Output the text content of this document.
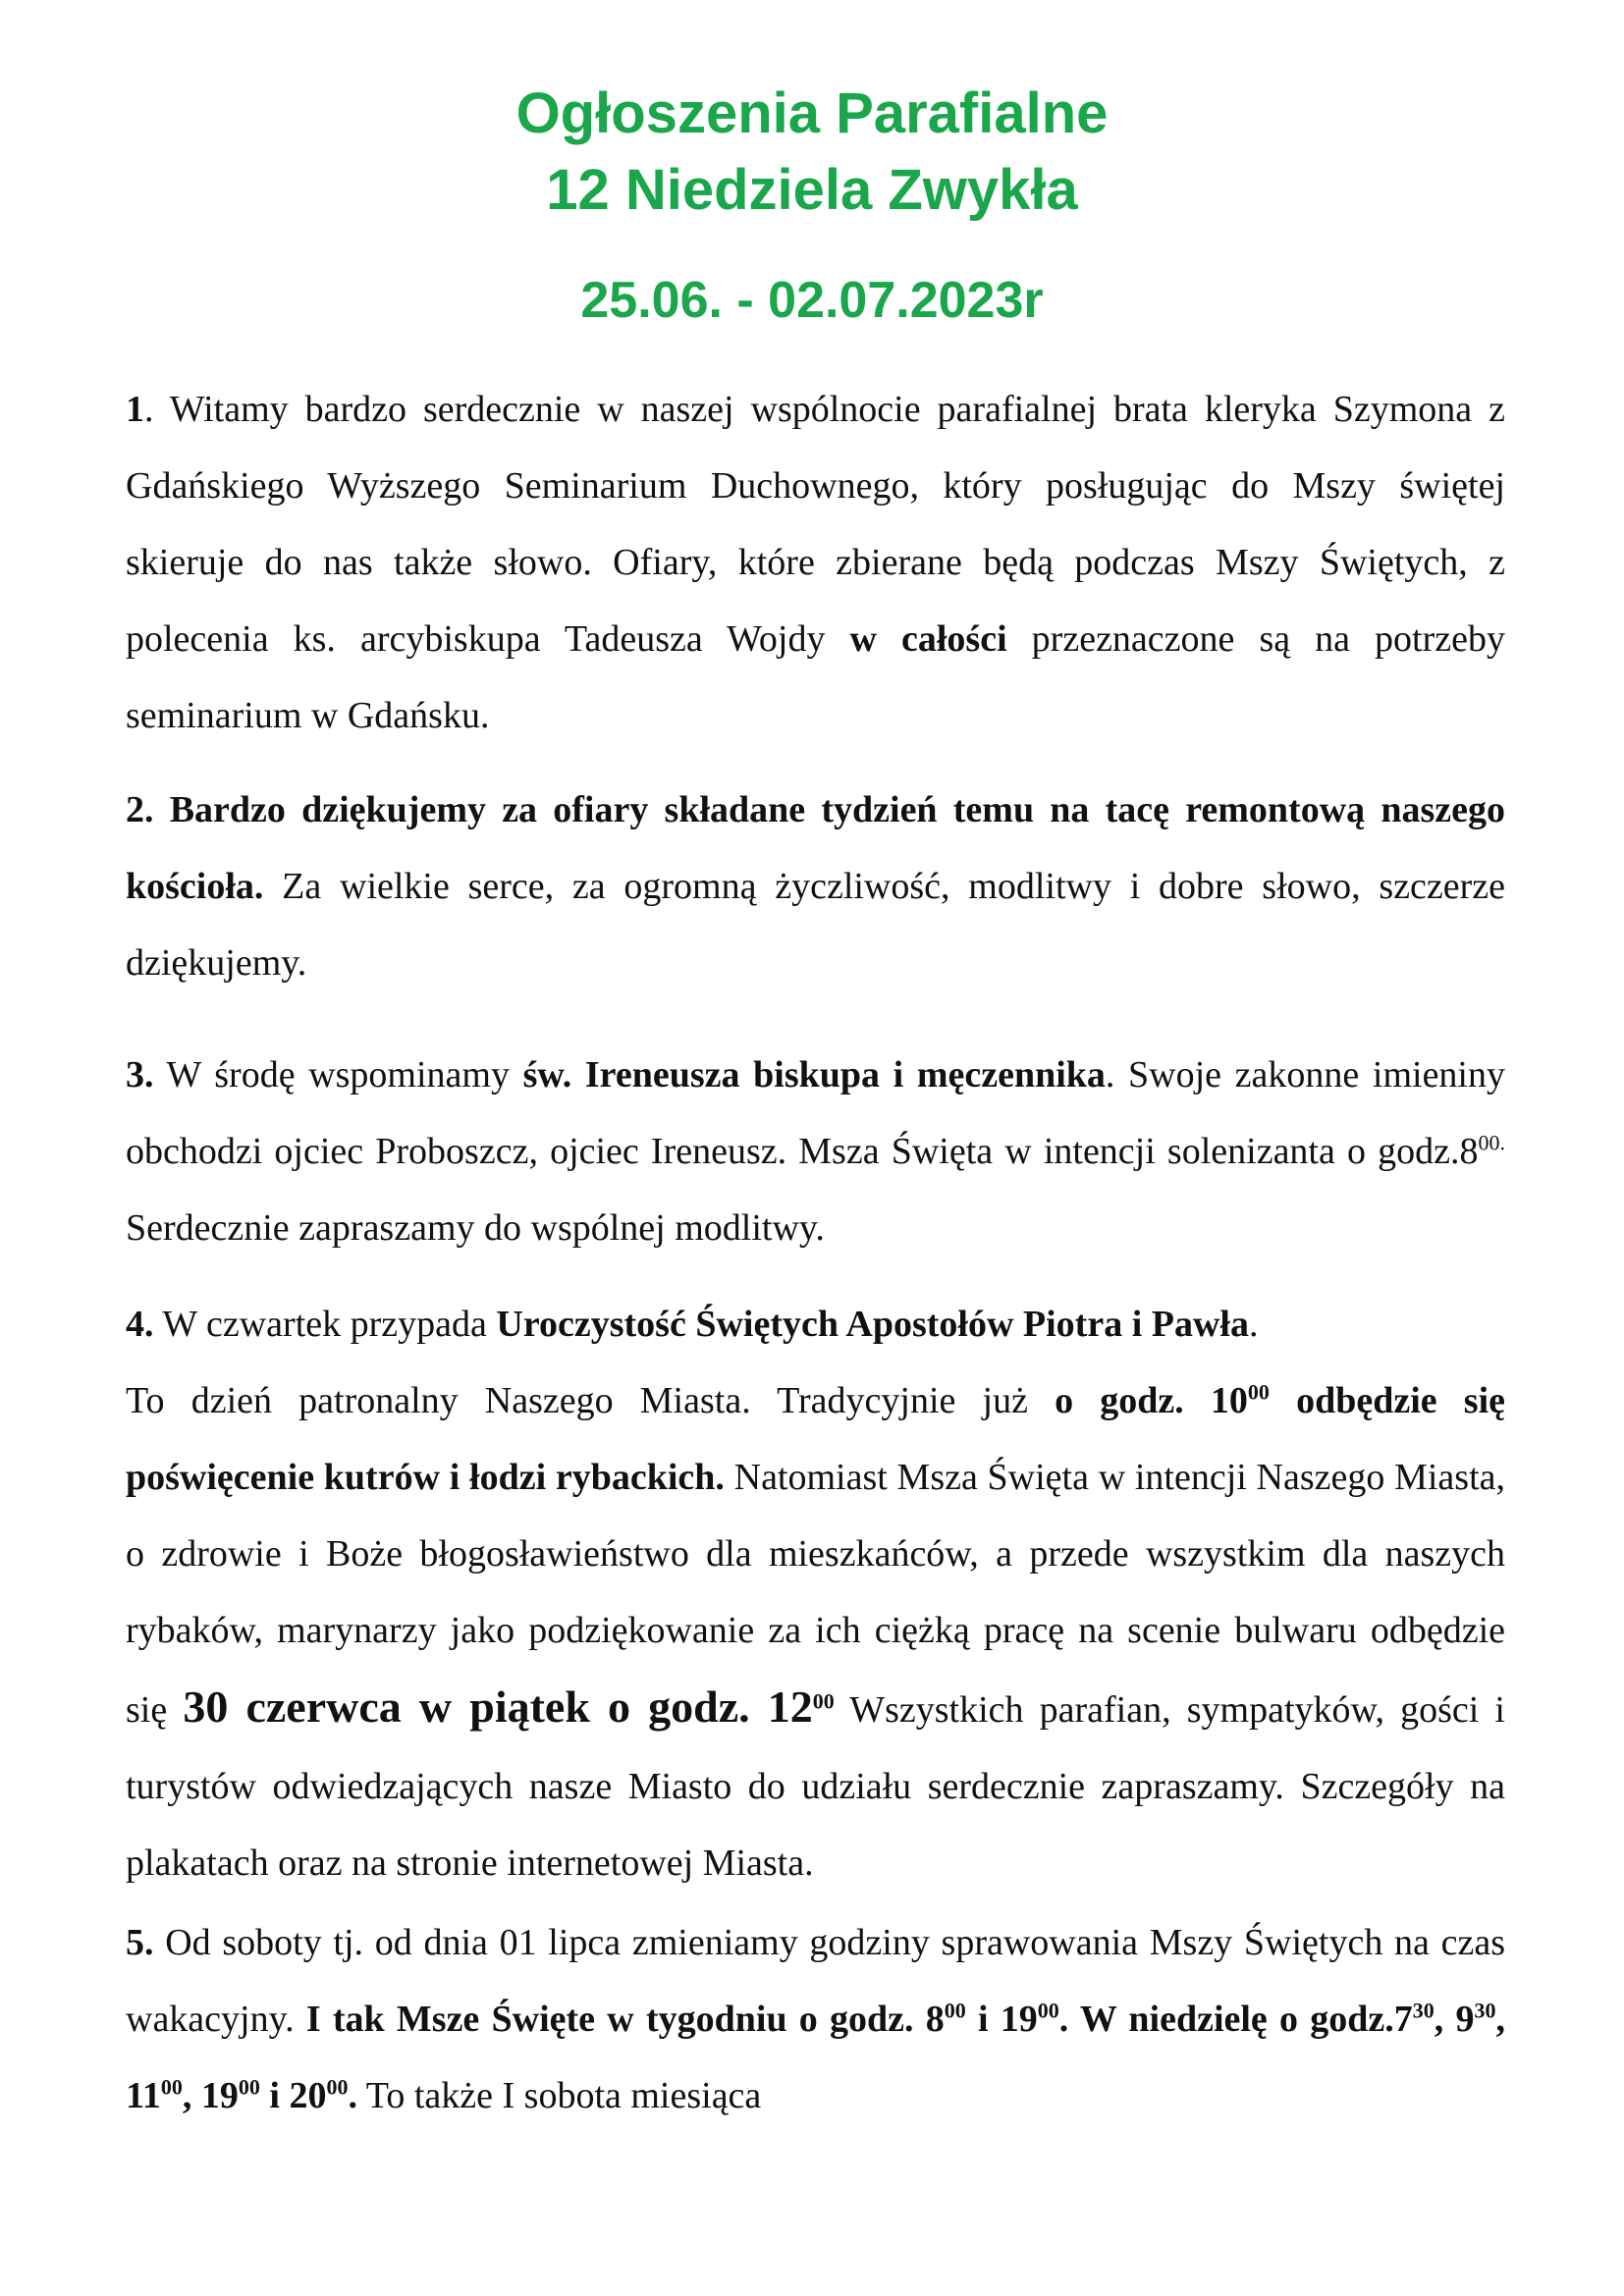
Ogłoszenia Parafialne
12 Niedziela Zwykła
25.06. - 02.07.2023r

1. Witamy bardzo serdecznie w naszej wspólnocie parafialnej brata kleryka Szymona z Gdańskiego Wyższego Seminarium Duchownego, który posługując do Mszy świętej skieruje do nas także słowo. Ofiary, które zbierane będą podczas Mszy Świętych, z polecenia ks. arcybiskupa Tadeusza Wojdy w całości przeznaczone są na potrzeby seminarium w Gdańsku.

2. Bardzo dziękujemy za ofiary składane tydzień temu na tacę remontową naszego kościoła. Za wielkie serce, za ogromną życzliwość, modlitwy i dobre słowo, szczerze dziękujemy.

3. W środę wspominamy św. Ireneusza biskupa i męczennika. Swoje zakonne imieniny obchodzi ojciec Proboszcz, ojciec Ireneusz. Msza Święta w intencji solenizanta o $godz.8^{00.}$ Serdecznie zapraszamy do wspólnej modlitwy.

4. W czwartek przypada Uroczystość Świętych Apostołów Piotra i Pawła.
To dzień patronalny Naszego Miasta. Tradycyjnie już o godz. $10^{00}$ odbędzie się poświęcenie kutrów i łodzi rybackich. Natomiast Msza Święta w intencji Naszego Miasta, o zdrowie i Boże błogosławieństwo dla mieszkańców, a przede wszystkim dla naszych rybaków, marynarzy jako podziękowanie za ich ciężką pracę na scenie bulwaru odbędzie się 30 czerwca w piątek o godz. $12^{00}$ Wszystkich parafian, sympatyków, gości i turystów odwiedzających nasze Miasto do udziału serdecznie zapraszamy. Szczegóły na plakatach oraz na stronie internetowej Miasta.

5. Od soboty tj. od dnia 01 lipca zmieniamy godziny sprawowania Mszy Świętych na czas wakacyjny. I tak Msze Święte w tygodniu o godz. $8^{00}$ i $19^{00}$. W niedzielę o $godz.7^{30}$, $9^{30}$, $11^{00}$, $19^{00}$ i $20^{00}$. To także I sobota miesiąca
